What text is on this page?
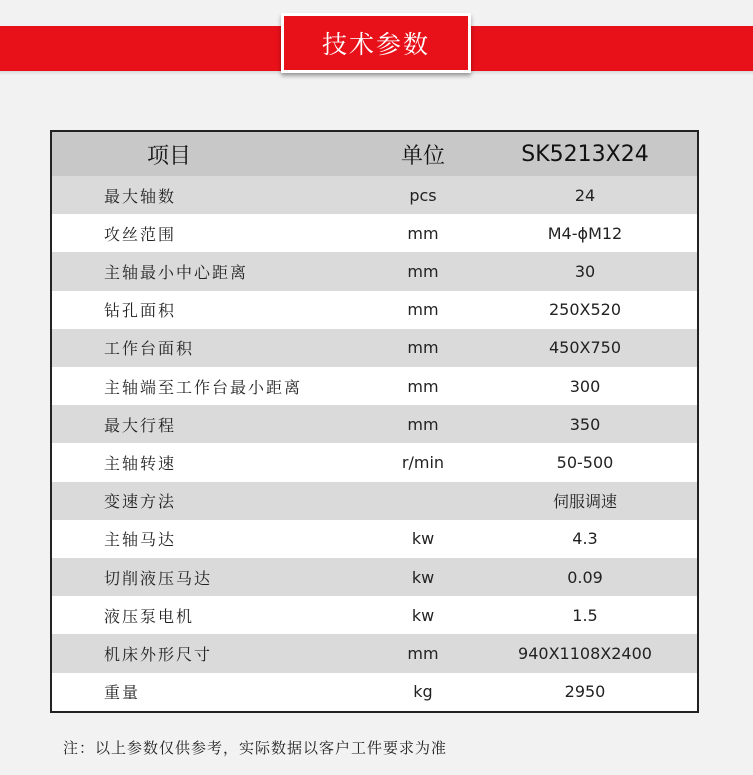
技术参数
项目	单位	SK5213X24
最大轴数	pcs	24
攻丝范围	mm	M4-ϕM12
主轴最小中心距离	mm	30
钻孔面积	mm	250X520
工作台面积	mm	450X750
主轴端至工作台最小距离	mm	300
最大行程	mm	350
主轴转速	r/min	50-500
变速方法		伺服调速
主轴马达	kw	4.3
切削液压马达	kw	0.09
液压泵电机	kw	1.5
机床外形尺寸	mm	940X1108X2400
重量	kg	2950
注：以上参数仅供参考，实际数据以客户工件要求为准
